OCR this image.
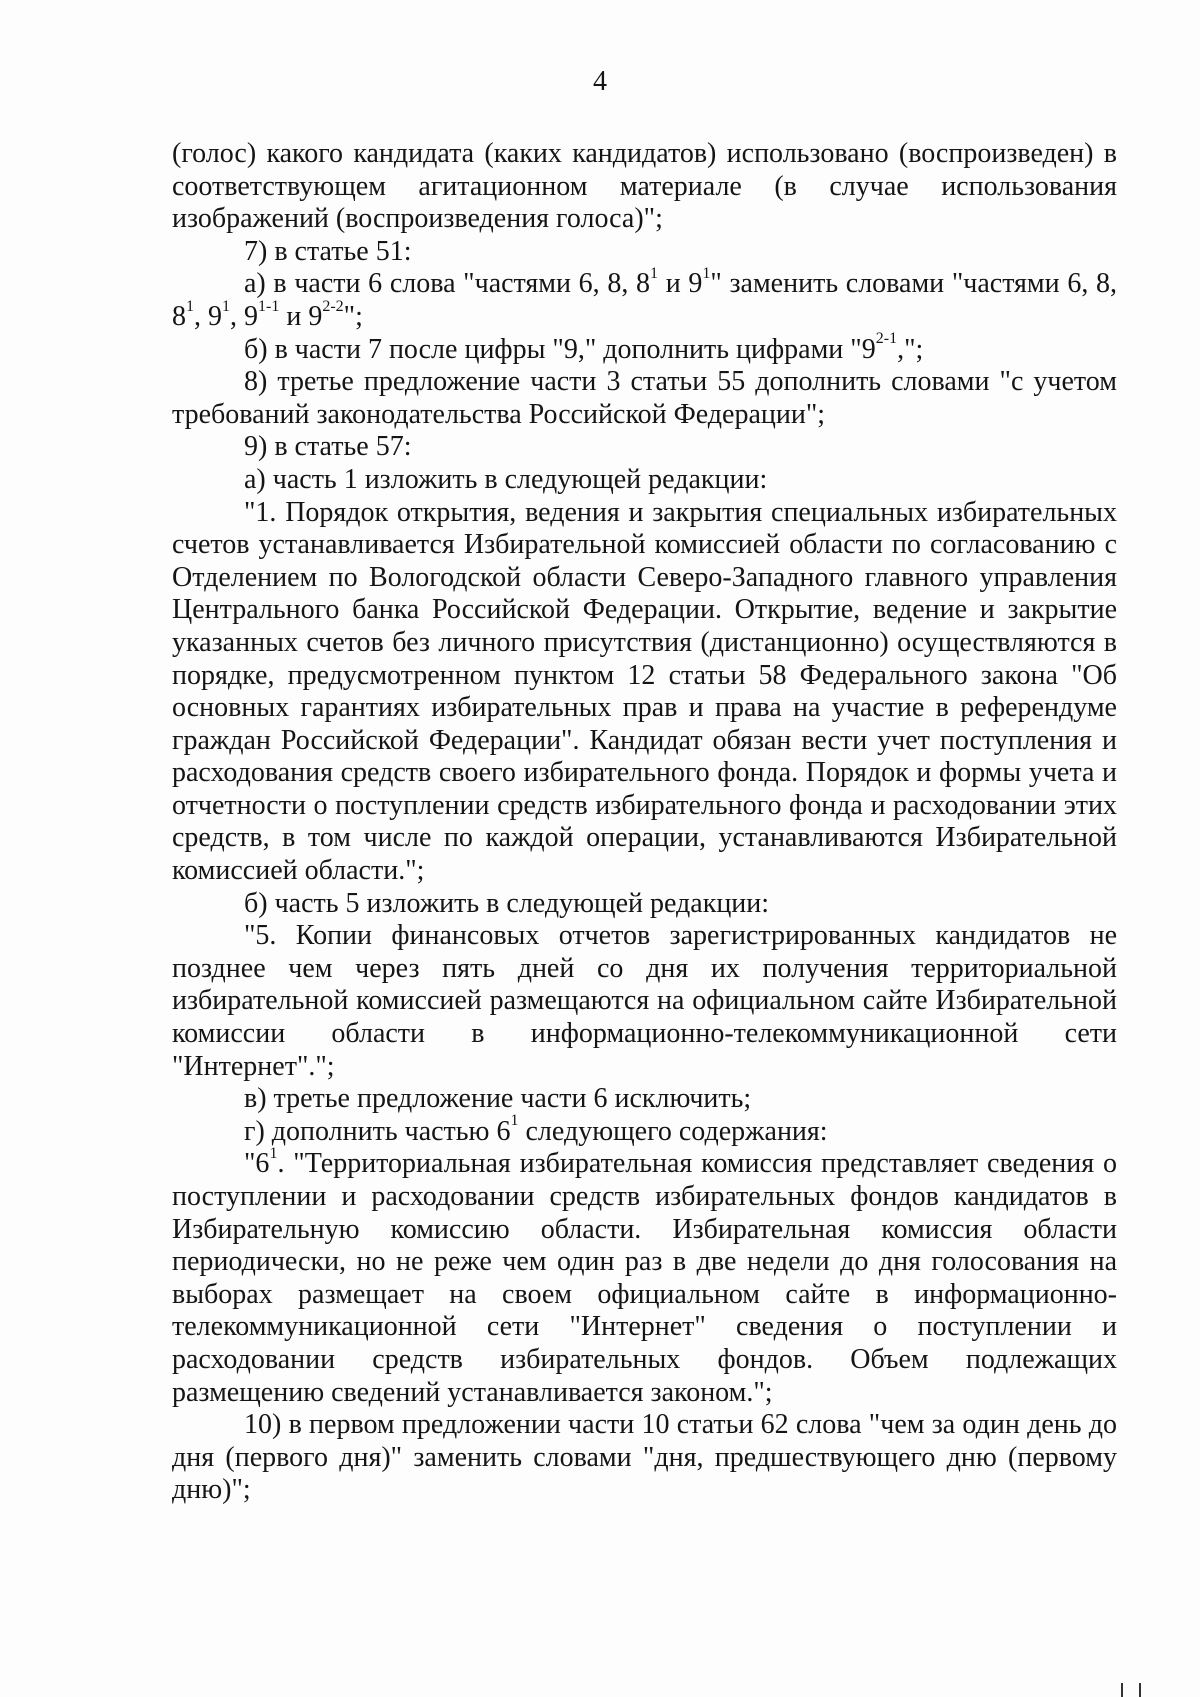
4

(голос) какого кандидата (каких кандидатов) использовано (воспроизведен) в соответствующем агитационном материале (в случае использования изображений (воспроизведения голоса)";

7) в статье 51:

а) в части 6 слова "частями 6, 8, $8^1$ и $9^1$" заменить словами "частями 6, 8, $8^1$, $9^1$, 9$^{1-1}$ и 9$^{2-2}$";

б) в части 7 после цифры "9," дополнить цифрами "9$^{2-1}$,";

8) третье предложение части 3 статьи 55 дополнить словами "с учетом требований законодательства Российской Федерации";

9) в статье 57:

а) часть 1 изложить в следующей редакции:

"1. Порядок открытия, ведения и закрытия специальных избирательных счетов устанавливается Избирательной комиссией области по согласованию с Отделением по Вологодской области Северо-Западного главного управления Центрального банка Российской Федерации. Открытие, ведение и закрытие указанных счетов без личного присутствия (дистанционно) осуществляются в порядке, предусмотренном пунктом 12 статьи 58 Федерального закона "Об основных гарантиях избирательных прав и права на участие в референдуме граждан Российской Федерации". Кандидат обязан вести учет поступления и расходования средств своего избирательного фонда. Порядок и формы учета и отчетности о поступлении средств избирательного фонда и расходовании этих средств, в том числе по каждой операции, устанавливаются Избирательной комиссией области.";

б) часть 5 изложить в следующей редакции:

"5. Копии финансовых отчетов зарегистрированных кандидатов не позднее чем через пять дней со дня их получения территориальной избирательной комиссией размещаются на официальном сайте Избирательной комиссии области в информационно-телекоммуникационной сети "Интернет".";

в) третье предложение части 6 исключить;

г) дополнить частью $6^1$ следующего содержания:

"$6^1$. "Территориальная избирательная комиссия представляет сведения о поступлении и расходовании средств избирательных фондов кандидатов в Избирательную комиссию области. Избирательная комиссия области периодически, но не реже чем один раз в две недели до дня голосования на выборах размещает на своем официальном сайте в информационно-телекоммуникационной сети "Интернет" сведения о поступлении и расходовании средств избирательных фондов. Объем подлежащих размещению сведений устанавливается законом.";

10) в первом предложении части 10 статьи 62 слова "чем за один день до дня (первого дня)" заменить словами "дня, предшествующего дню (первому дню)";
